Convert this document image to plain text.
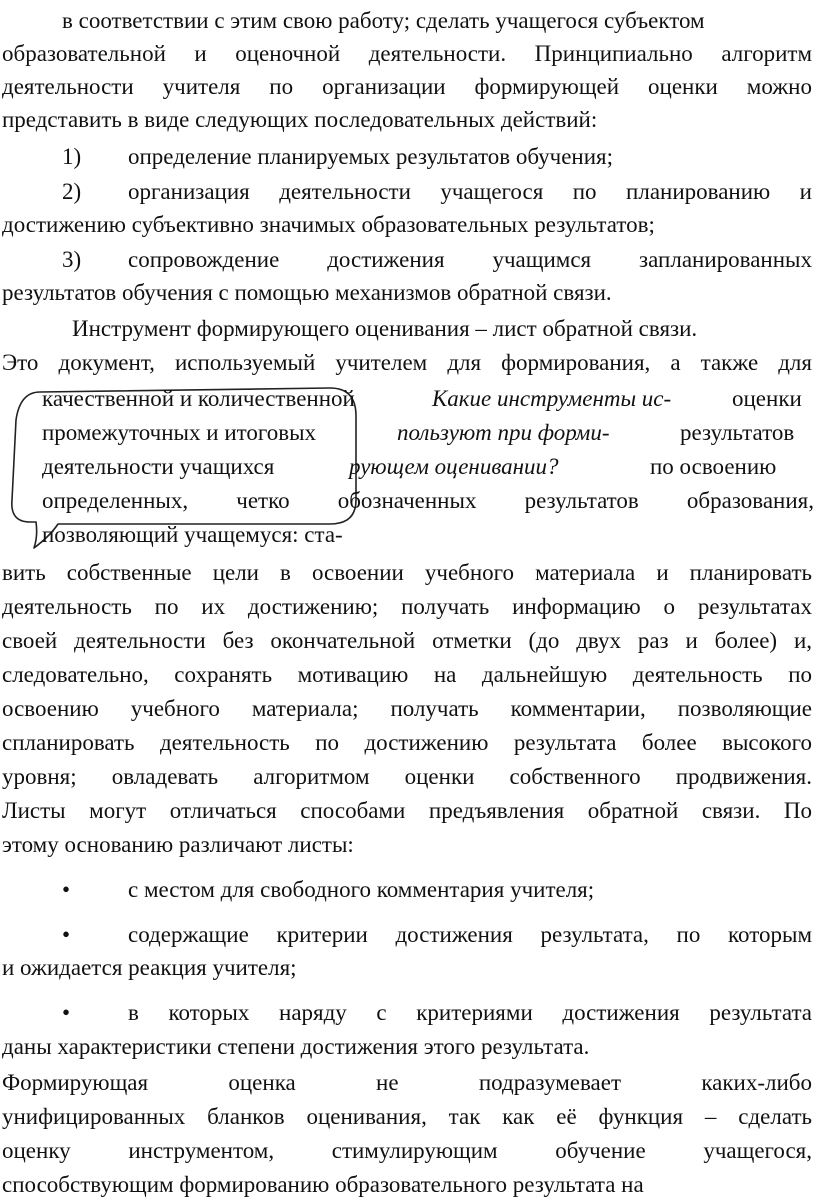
в соответствии с этим свою работу; сделать учащегося субъектом
образовательной и оценочной деятельности. Принципиально алгоритм
деятельности учителя по организации формирующей оценки можно
представить в виде следующих последовательных действий:
1) определение планируемых результатов обучения;
2) организация деятельности учащегося по планированию и
достижению субъективно значимых образовательных результатов;
3) сопровождение достижения учащимся запланированных
результатов обучения с помощью механизмов обратной связи.
Инструмент формирующего оценивания – лист обратной связи.
Это документ, используемый учителем для формирования, а также для
качественной и количественной	Какие инструменты ис-	оценки
промежуточных и итоговых	пользуют при форми-	результатов
деятельности учащихся	рующем оценивании?	по освоению
определенных, четко обозначенных результатов образования,
позволяющий учащемуся: ста-
вить собственные цели в освоении учебного материала и планировать
деятельность по их достижению; получать информацию о результатах
своей деятельности без окончательной отметки (до двух раз и более) и,
следовательно, сохранять мотивацию на дальнейшую деятельность по
освоению учебного материала; получать комментарии, позволяющие
спланировать деятельность по достижению результата более высокого
уровня; овладевать алгоритмом оценки собственного продвижения.
Листы могут отличаться способами предъявления обратной связи. По
этому основанию различают листы:
•	с местом для свободного комментария учителя;
•	содержащие критерии достижения результата, по которым
и ожидается реакция учителя;
•	в которых наряду с критериями достижения результата
даны характеристики степени достижения этого результата.
Формирующая оценка не подразумевает каких-либо
унифицированных бланков оценивания, так как её функция – сделать
оценку инструментом, стимулирующим обучение учащегося,
способствующим формированию образовательного результата на
